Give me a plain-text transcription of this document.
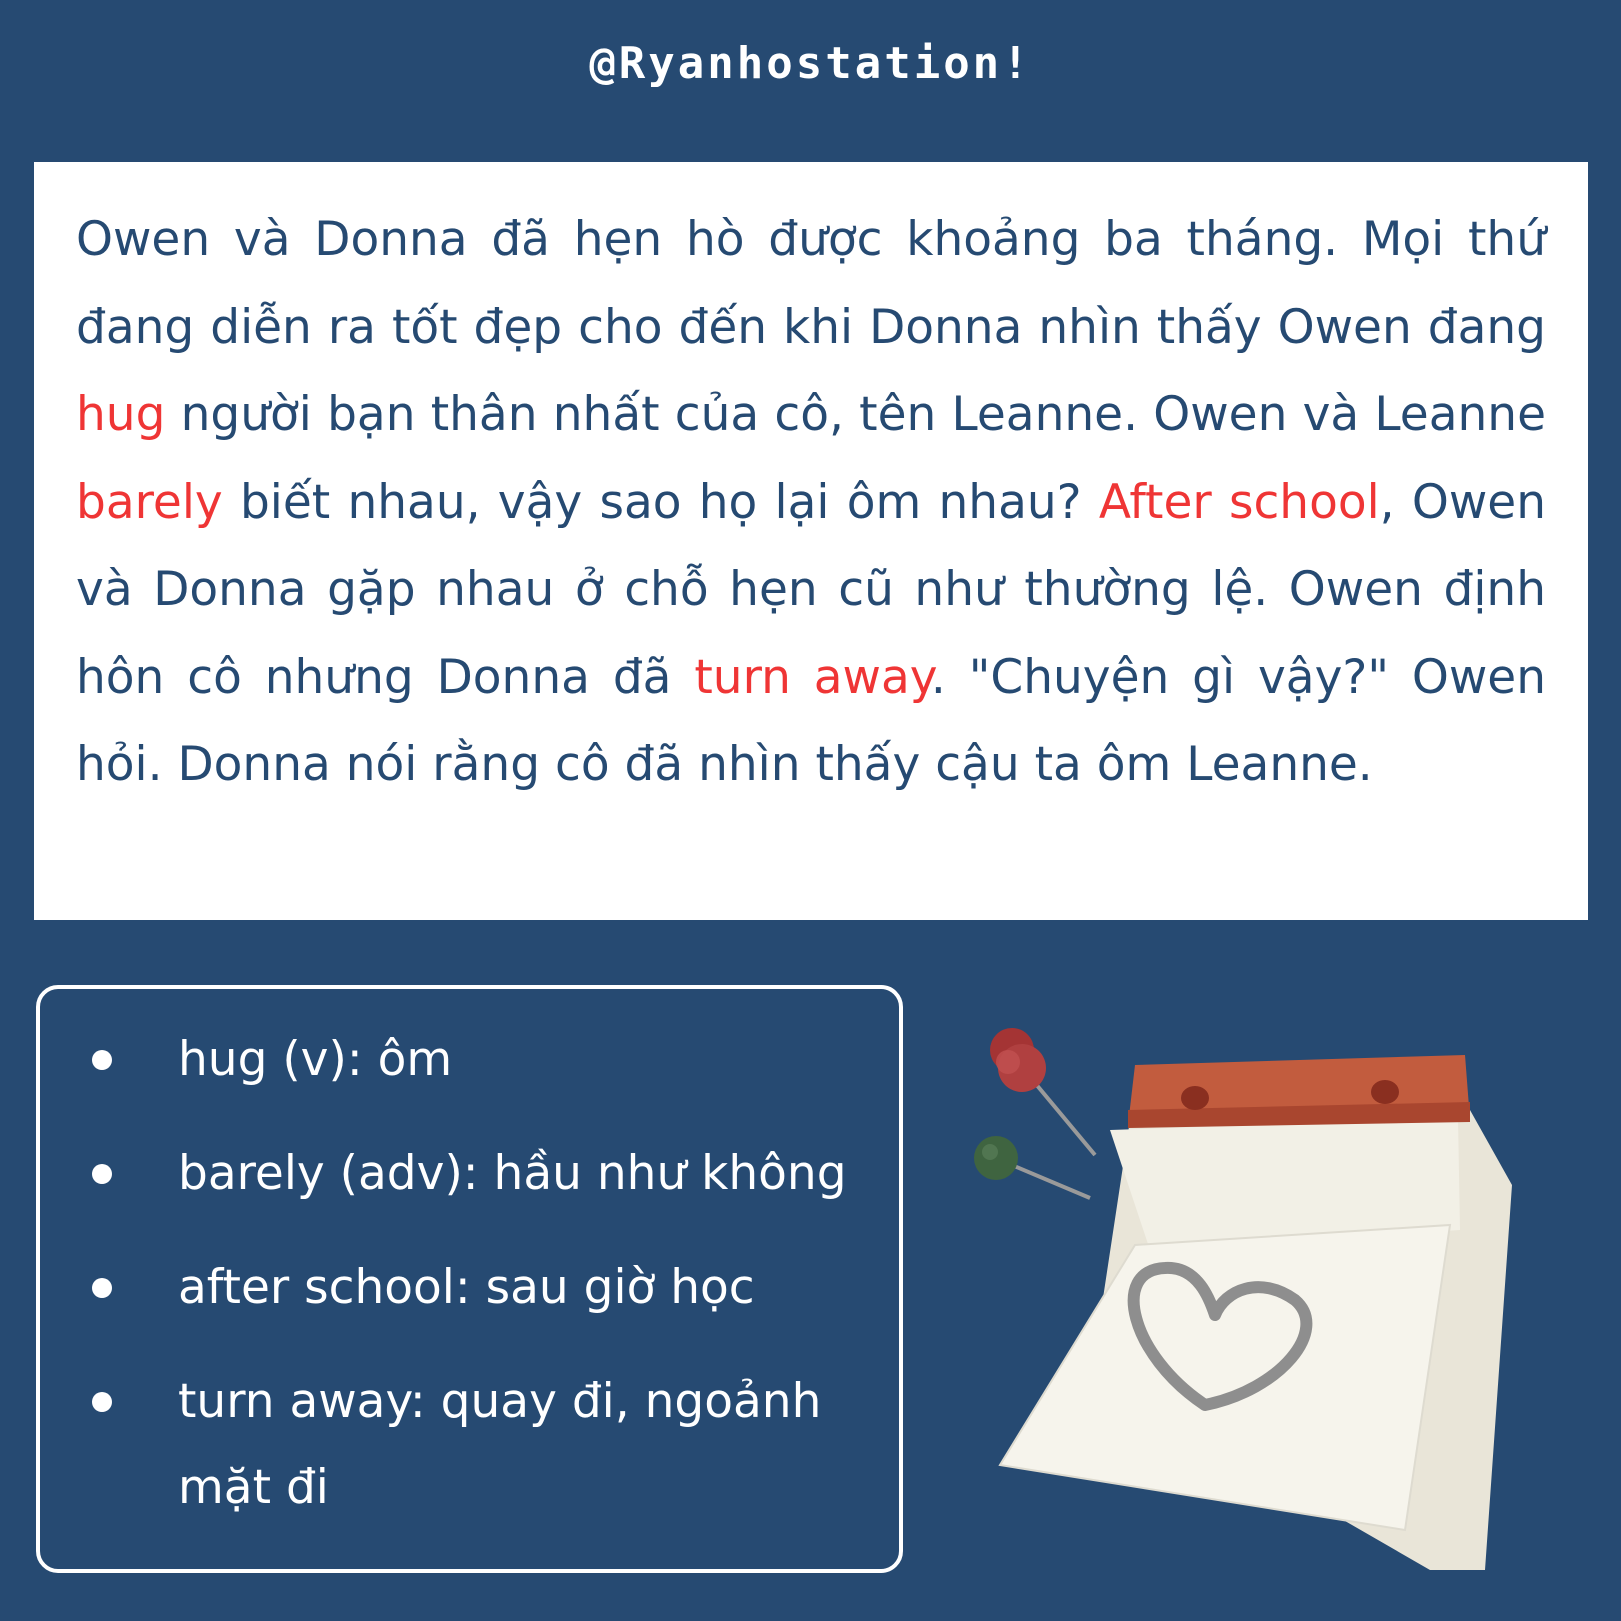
@Ryanhostation!

Owen và Donna đã hẹn hò được khoảng ba tháng. Mọi thứ đang diễn ra tốt đẹp cho đến khi Donna nhìn thấy Owen đang hug người bạn thân nhất của cô, tên Leanne. Owen và Leanne barely biết nhau, vậy sao họ lại ôm nhau? After school, Owen và Donna gặp nhau ở chỗ hẹn cũ như thường lệ. Owen định hôn cô nhưng Donna đã turn away. "Chuyện gì vậy?" Owen hỏi. Donna nói rằng cô đã nhìn thấy cậu ta ôm Leanne.

hug (v): ôm
barely (adv): hầu như không
after school: sau giờ học
turn away: quay đi, ngoảnh mặt đi
